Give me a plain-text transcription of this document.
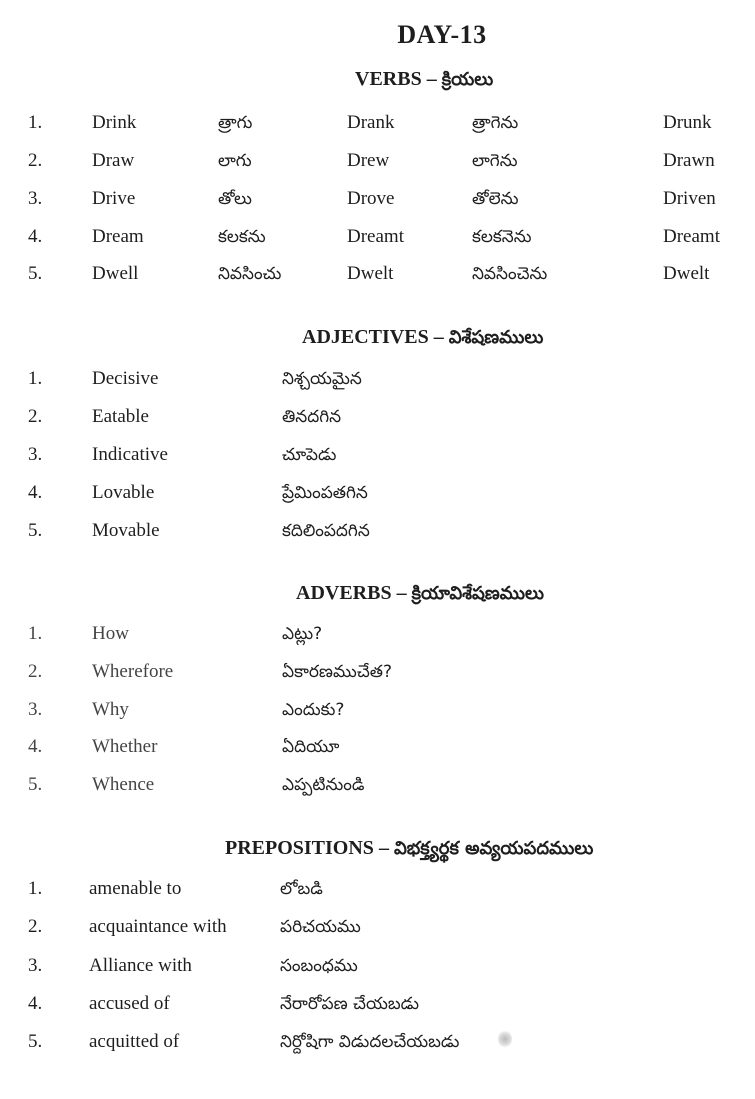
DAY-13
VERBS – క్రియలు
1.	Drink	త్రాగు	Drank	త్రాగెను	Drunk
2.	Draw	లాగు	Drew	లాగెను	Drawn
3.	Drive	తోలు	Drove	తోలెను	Driven
4.	Dream	కలకను	Dreamt	కలకనెను	Dreamt
5.	Dwell	నివసించు	Dwelt	నివసించెను	Dwelt
ADJECTIVES – విశేషణములు
1.	Decisive	నిశ్చయమైన
2.	Eatable	తినదగిన
3.	Indicative	చూపెడు
4.	Lovable	ప్రేమింపతగిన
5.	Movable	కదిలింపదగిన
ADVERBS – క్రియావిశేషణములు
1.	How	ఎట్లు?
2.	Wherefore	ఏకారణముచేత?
3.	Why	ఎందుకు?
4.	Whether	ఏదియూ
5.	Whence	ఎప్పటినుండి
PREPOSITIONS – విభక్త్యర్థక అవ్యయపదములు
1. amenable to	లోబడి
2. acquaintance with	పరిచయము
3. Alliance with	సంబంధము
4. accused of	నేరారోపణ చేయబడు
5. acquitted of	నిర్దోషిగా విడుదలచేయబడు
